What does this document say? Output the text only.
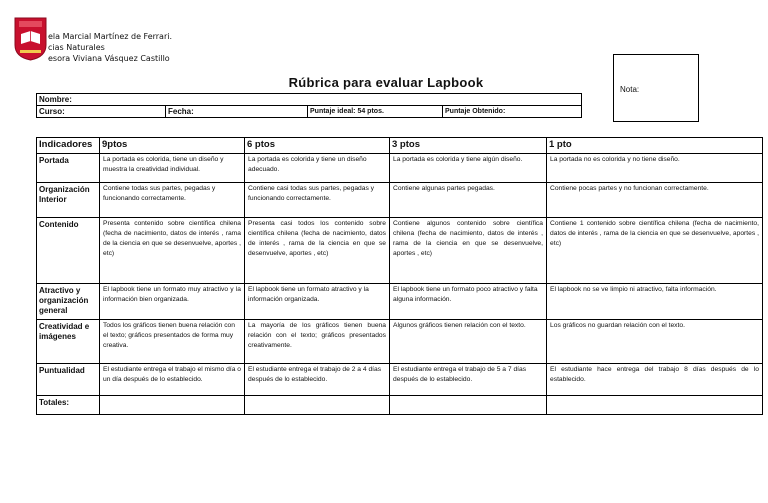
ela Marcial Martínez de Ferrari.
cias Naturales
esora Viviana Vásquez Castillo
Nota:
Rúbrica para evaluar Lapbook
Nombre:
Curso:	Fecha:	Puntaje ideal: 54 ptos.	Puntaje Obtenido:
Indicadores	9ptos	6 ptos	3 ptos	1 pto
Portada	La portada es colorida, tiene un diseño y muestra la creatividad individual.	La portada es colorida y tiene un diseño adecuado.	La portada es colorida y tiene algún diseño.	La portada no es colorida y no tiene diseño.
Organización Interior	Contiene todas sus partes, pegadas y funcionando correctamente.	Contiene casi todas sus partes, pegadas y funcionando correctamente.	Contiene algunas partes pegadas.	Contiene pocas partes y no funcionan correctamente.
Contenido	Presenta contenido sobre científica chilena (fecha de nacimiento, datos de interés , rama de la ciencia en que se desenvuelve, aportes , etc)	Presenta casi todos los contenido sobre científica chilena (fecha de nacimiento, datos de interés , rama de la ciencia en que se desenvuelve, aportes , etc)	Contiene algunos contenido sobre científica chilena (fecha de nacimiento, datos de interés , rama de la ciencia en que se desenvuelve, aportes , etc)	Contiene 1 contenido sobre científica chilena (fecha de nacimiento, datos de interés , rama de la ciencia en que se desenvuelve, aportes , etc)
Atractivo y organización general	El lapbook tiene un formato muy atractivo y la información bien organizada.	El lapbook tiene un formato atractivo y la información organizada.	El lapbook tiene un formato poco atractivo y falta alguna información.	El lapbook no se ve limpio ni atractivo, falta información.
Creatividad e imágenes	Todos los gráficos tienen buena relación con el texto; gráficos presentados de forma muy creativa.	La mayoría de los gráficos tienen buena relación con el texto; gráficos presentados creativamente.	Algunos gráficos tienen relación con el texto.	Los gráficos no guardan relación con el texto.
Puntualidad	El estudiante entrega el trabajo el mismo día o un día después de lo establecido.	El estudiante entrega el trabajo de 2 a 4 días después de lo establecido.	El estudiante entrega el trabajo de 5 a 7 días después de lo establecido.	El estudiante hace entrega del trabajo 8 días después de lo establecido.
Totales:				
